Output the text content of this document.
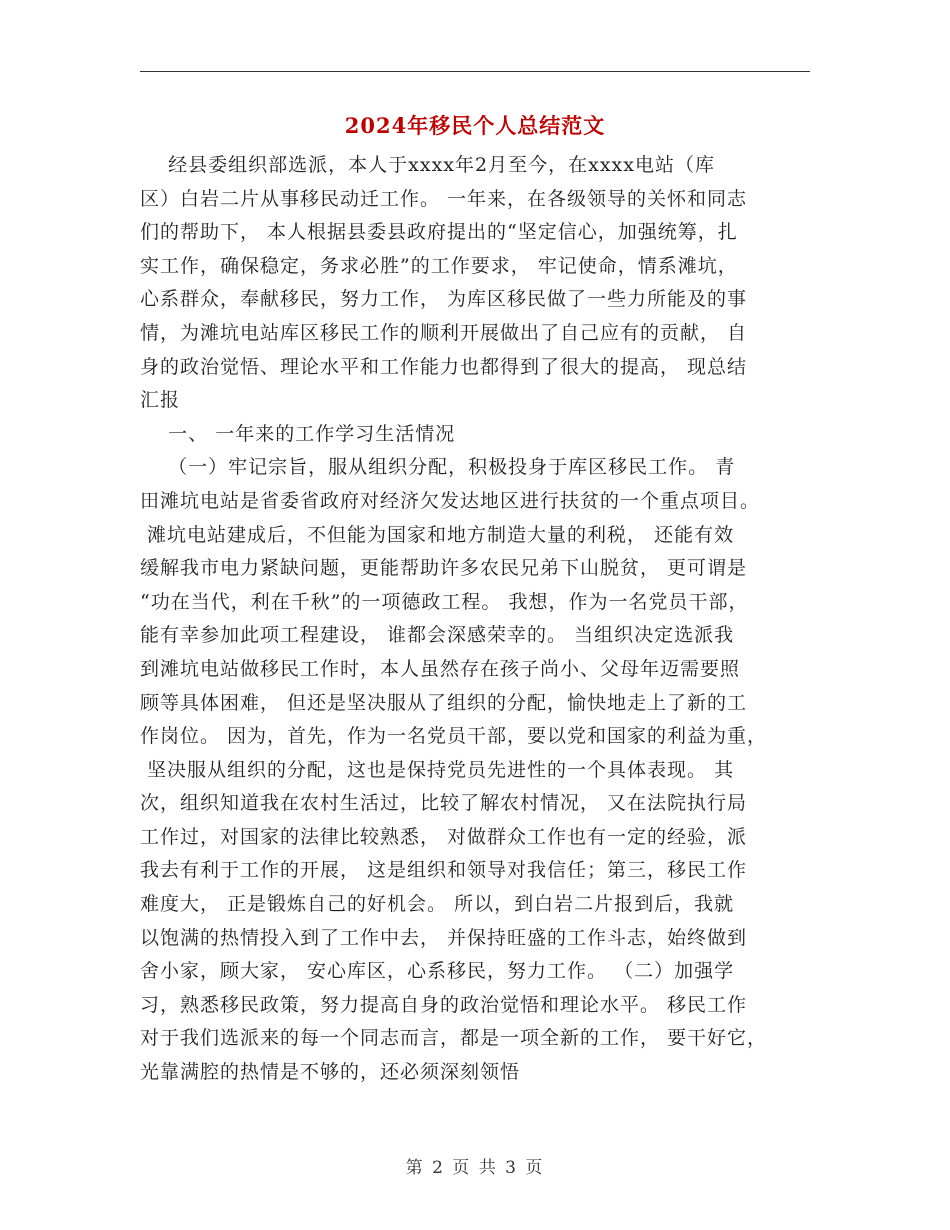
2024年移民个人总结范文
经县委组织部选派，本人于xxxx年2月至今，在xxxx电站（库
区）白岩二片从事移民动迁工作。 一年来，在各级领导的关怀和同志
们的帮助下， 本人根据县委县政府提出的“坚定信心，加强统筹，扎
实工作，确保稳定，务求必胜”的工作要求， 牢记使命，情系滩坑，
心系群众，奉献移民，努力工作， 为库区移民做了一些力所能及的事
情，为滩坑电站库区移民工作的顺利开展做出了自己应有的贡献， 自
身的政治觉悟、理论水平和工作能力也都得到了很大的提高， 现总结
汇报
一、 一年来的工作学习生活情况
（一）牢记宗旨，服从组织分配，积极投身于库区移民工作。 青
田滩坑电站是省委省政府对经济欠发达地区进行扶贫的一个重点项目。
滩坑电站建成后，不但能为国家和地方制造大量的利税， 还能有效
缓解我市电力紧缺问题，更能帮助许多农民兄弟下山脱贫， 更可谓是
“功在当代，利在千秋”的一项德政工程。 我想，作为一名党员干部，
能有幸参加此项工程建设， 谁都会深感荣幸的。 当组织决定选派我
到滩坑电站做移民工作时，本人虽然存在孩子尚小、父母年迈需要照
顾等具体困难， 但还是坚决服从了组织的分配，愉快地走上了新的工
作岗位。 因为，首先，作为一名党员干部，要以党和国家的利益为重，
坚决服从组织的分配，这也是保持党员先进性的一个具体表现。 其
次，组织知道我在农村生活过，比较了解农村情况， 又在法院执行局
工作过，对国家的法律比较熟悉， 对做群众工作也有一定的经验，派
我去有利于工作的开展， 这是组织和领导对我信任；第三，移民工作
难度大， 正是锻炼自己的好机会。 所以，到白岩二片报到后，我就
以饱满的热情投入到了工作中去， 并保持旺盛的工作斗志，始终做到
舍小家，顾大家， 安心库区，心系移民，努力工作。 （二）加强学
习，熟悉移民政策，努力提高自身的政治觉悟和理论水平。 移民工作
对于我们选派来的每一个同志而言，都是一项全新的工作， 要干好它，
光靠满腔的热情是不够的，还必须深刻领悟
第 2 页 共 3 页
